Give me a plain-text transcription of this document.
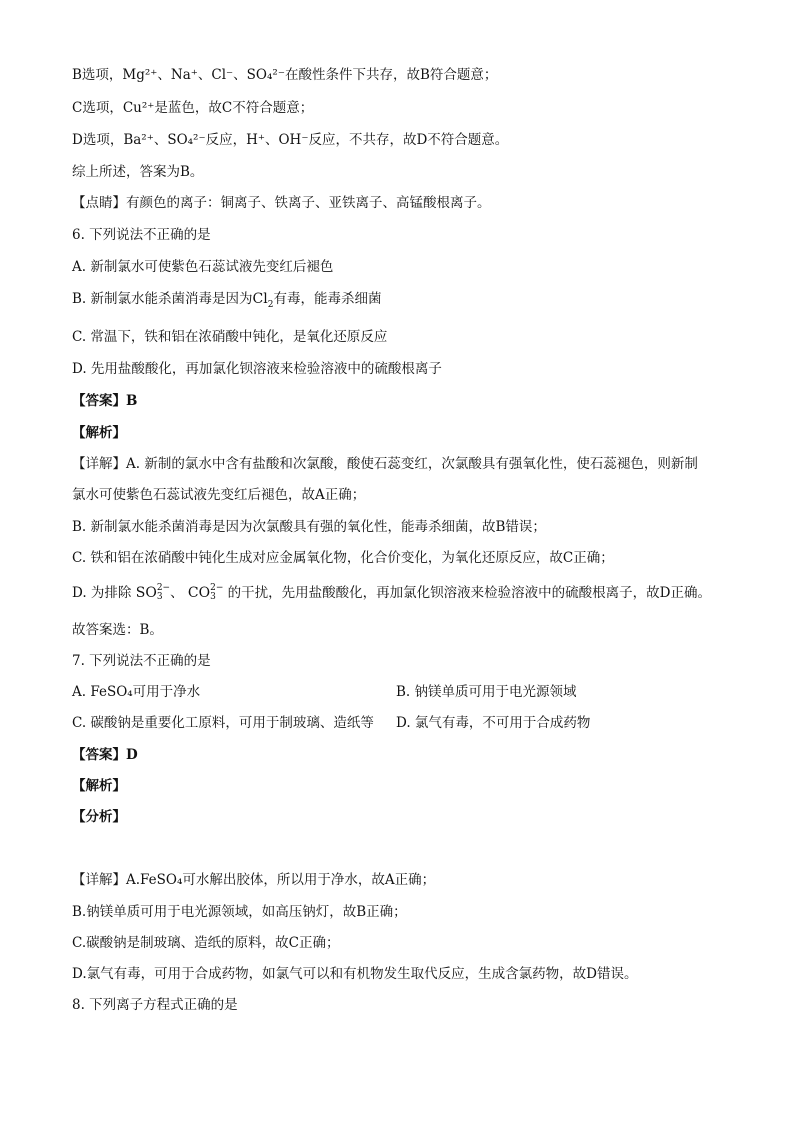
B选项，Mg²⁺、Na⁺、Cl⁻、SO₄²⁻在酸性条件下共存，故B符合题意；
C选项，Cu²⁺是蓝色，故C不符合题意；
D选项，Ba²⁺、SO₄²⁻反应，H⁺、OH⁻反应，不共存，故D不符合题意。
综上所述，答案为B。
【点睛】有颜色的离子：铜离子、铁离子、亚铁离子、高锰酸根离子。
6. 下列说法不正确的是
A. 新制氯水可使紫色石蕊试液先变红后褪色
B. 新制氯水能杀菌消毒是因为$Cl_2$有毒，能毒杀细菌
C. 常温下，铁和铝在浓硝酸中钝化，是氧化还原反应
D. 先用盐酸酸化，再加氯化钡溶液来检验溶液中的硫酸根离子
【答案】B
【解析】
【详解】A. 新制的氯水中含有盐酸和次氯酸，酸使石蕊变红，次氯酸具有强氧化性，使石蕊褪色，则新制
氯水可使紫色石蕊试液先变红后褪色，故A正确；
B. 新制氯水能杀菌消毒是因为次氯酸具有强的氧化性，能毒杀细菌，故B错误；
C. 铁和铝在浓硝酸中钝化生成对应金属氧化物，化合价变化，为氧化还原反应，故C正确；
D. 为排除 SO 2−
3 、 CO 2−
3 的干扰，先用盐酸酸化，再加氯化钡溶液来检验溶液中的硫酸根离子，故D正确。
故答案选：B。
7. 下列说法不正确的是
A. FeSO₄可用于净水	B. 钠镁单质可用于电光源领域
C. 碳酸钠是重要化工原料，可用于制玻璃、造纸等 D. 氯气有毒，不可用于合成药物
【答案】D
【解析】
【分析】
【详解】A.FeSO₄可水解出胶体，所以用于净水，故A正确；
B.钠镁单质可用于电光源领域，如高压钠灯，故B正确；
C.碳酸钠是制玻璃、造纸的原料，故C正确；
D.氯气有毒，可用于合成药物，如氯气可以和有机物发生取代反应，生成含氯药物，故D错误。
8. 下列离子方程式正确的是
